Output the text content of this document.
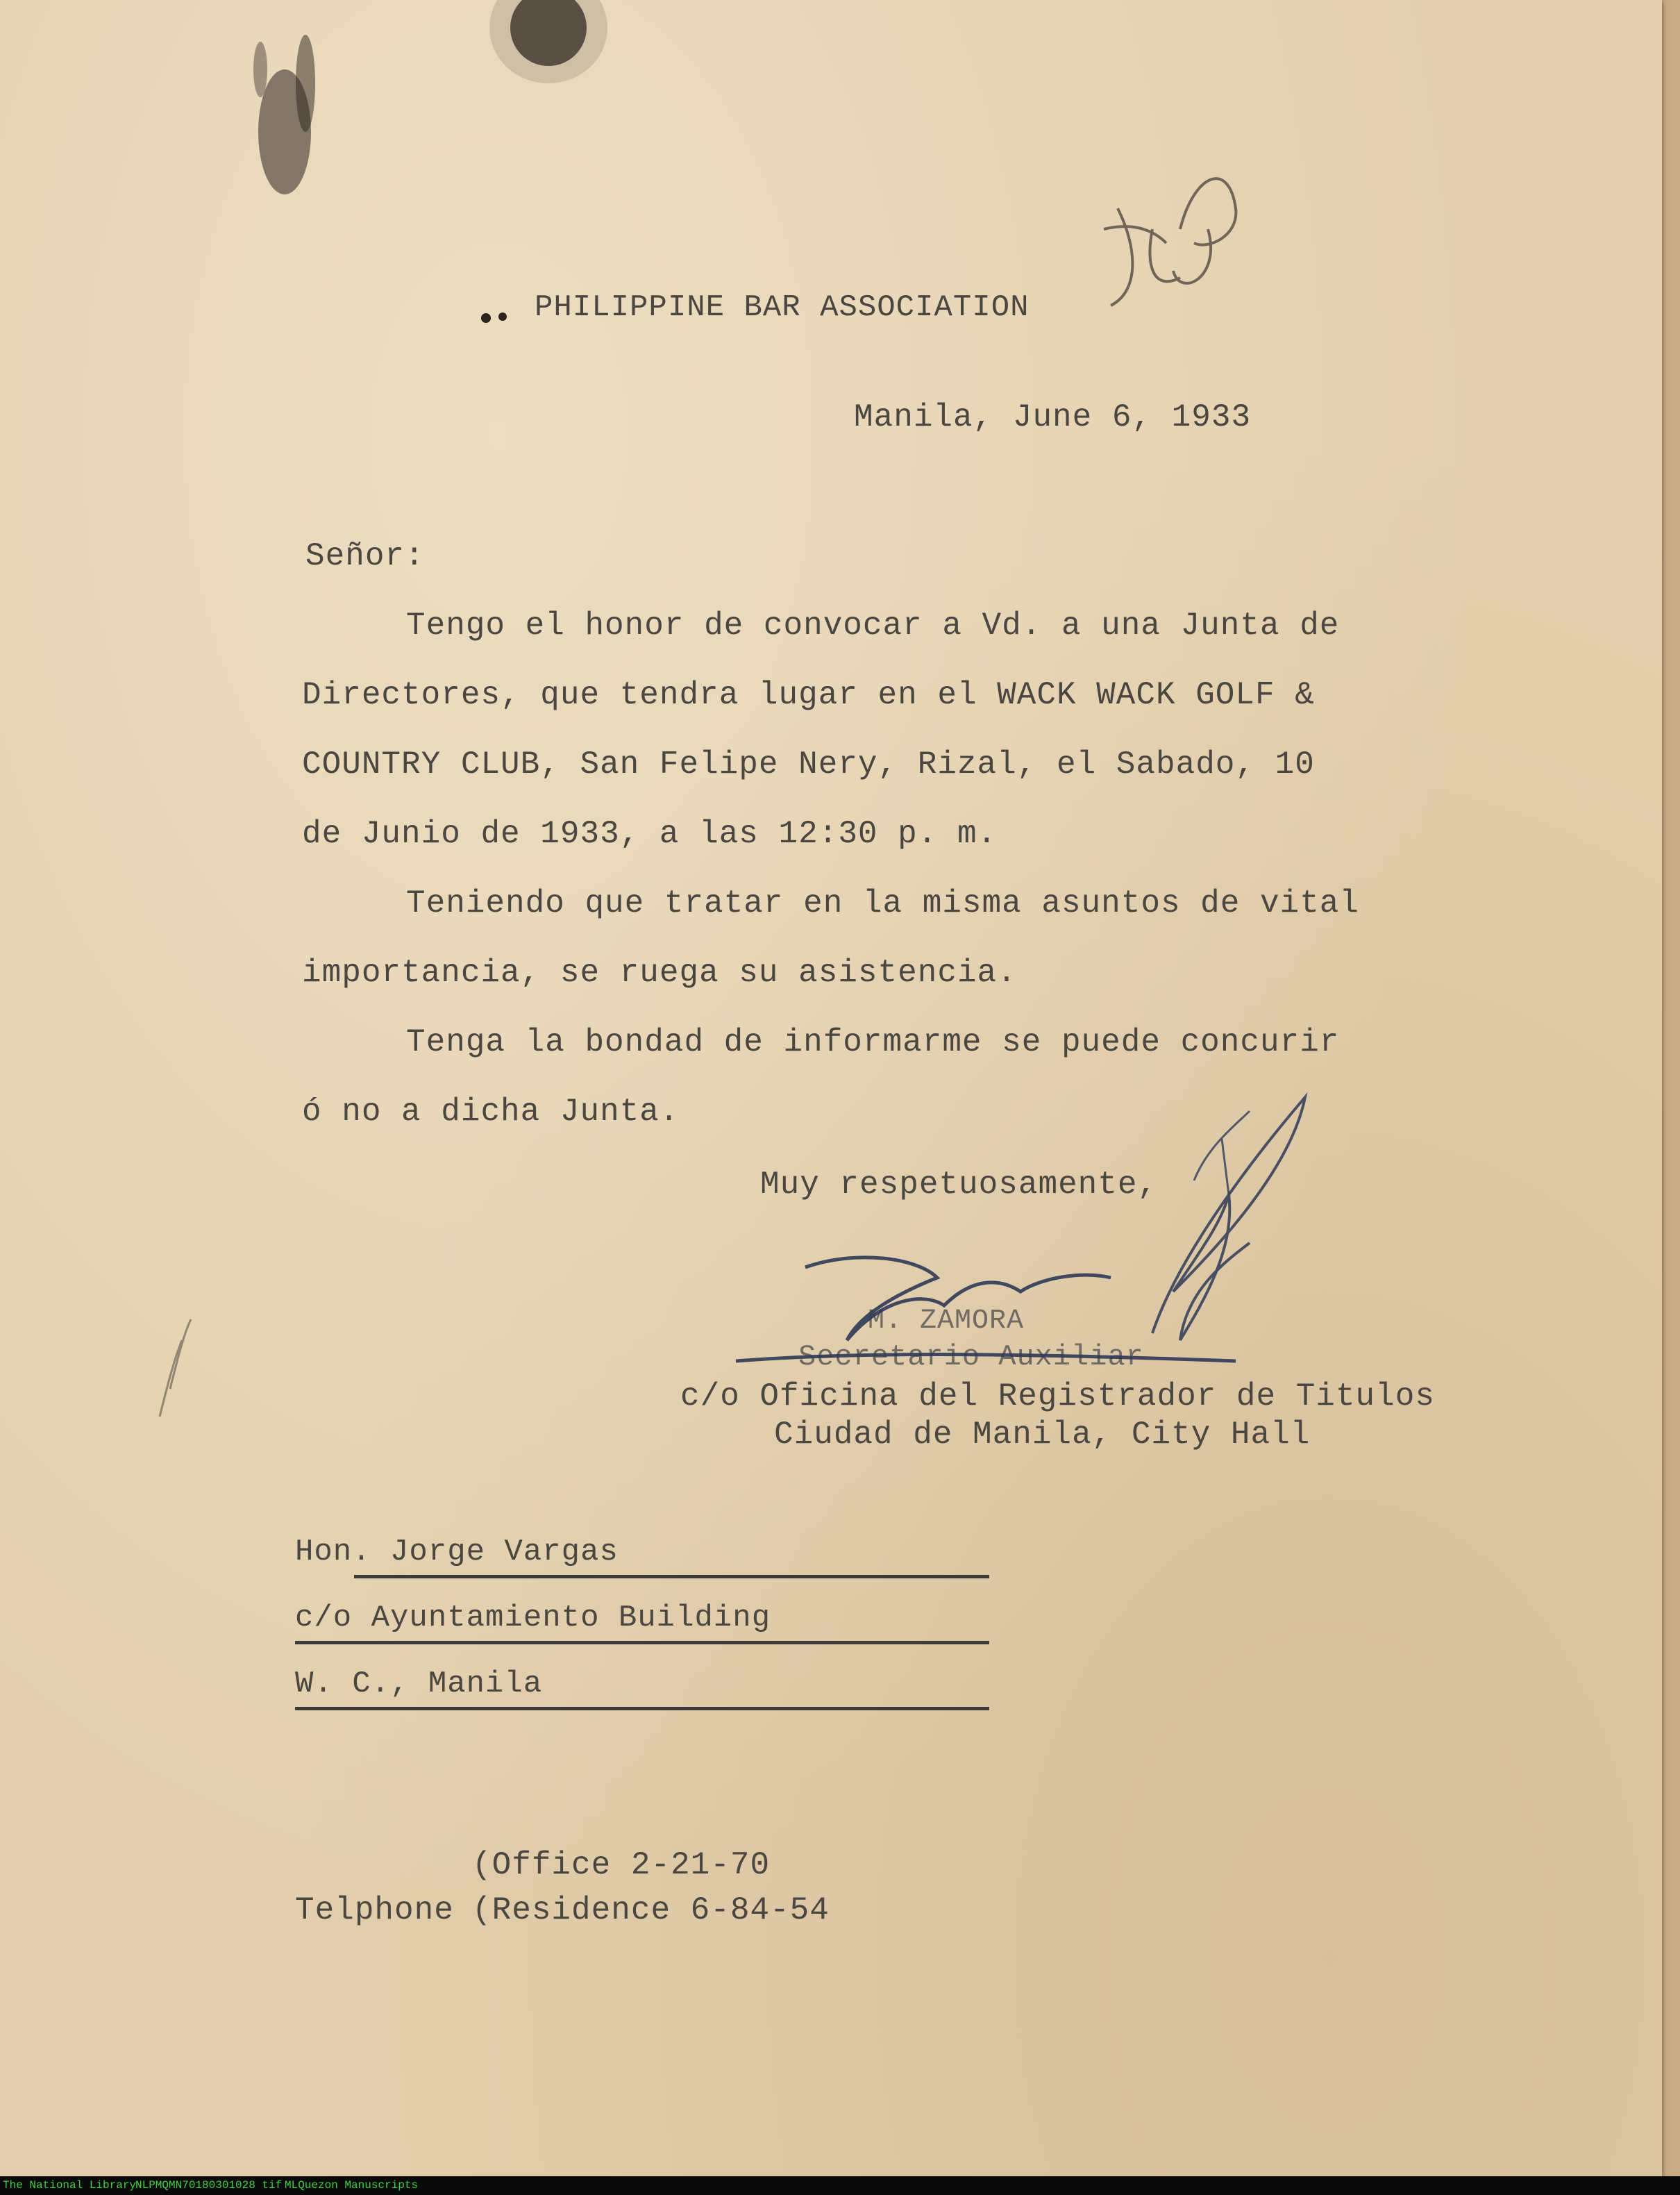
PHILIPPINE BAR ASSOCIATION
Manila, June 6, 1933
Señor:
Tengo el honor de convocar a Vd. a una Junta de
Directores, que tendra lugar en el WACK WACK GOLF &
COUNTRY CLUB, San Felipe Nery, Rizal, el Sabado, 10
de Junio de 1933, a las 12:30 p. m.
Teniendo que tratar en la misma asuntos de vital
importancia, se ruega su asistencia.
Tenga la bondad de informarme se puede concurir
ó no a dicha Junta.
Muy respetuosamente,
M. ZAMORA
Secretario Auxiliar
c/o Oficina del Registrador de Titulos
Ciudad de Manila, City Hall
Hon. Jorge Vargas
c/o Ayuntamiento Building
W. C., Manila
(Office 2-21-70
Telphone (Residence 6-84-54
The National Library
NLPMQMN70180301028 tif MLQuezon Manuscripts
